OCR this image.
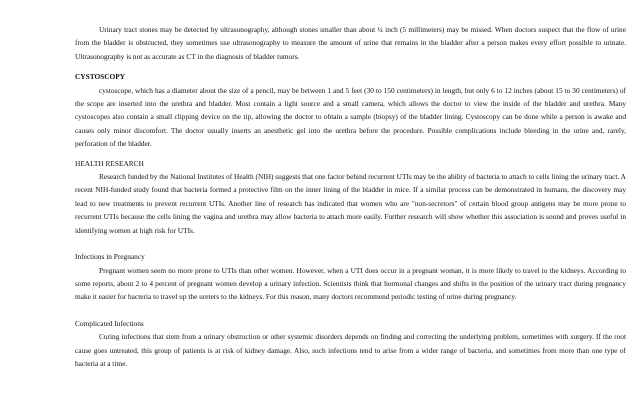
Urinary tract stones may be detected by ultrasonography, although stones smaller than about ¼ inch (5 millimeters) may be missed. When doctors suspect that the flow of urine from the bladder is obstructed, they sometimes use ultrasonography to measure the amount of urine that remains in the bladder after a person makes every effort possible to urinate. Ultrasonography is not as accurate as CT in the diagnosis of bladder tumors.

CYSTOSCOPY

cystoscope, which has a diameter about the size of a pencil, may be between 1 and 5 feet (30 to 150 centimeters) in length, but only 6 to 12 inches (about 15 to 30 centimeters) of the scope are inserted into the urethra and bladder. Most contain a light source and a small camera, which allows the doctor to view the inside of the bladder and urethra. Many cystoscopes also contain a small clipping device on the tip, allowing the doctor to obtain a sample (biopsy) of the bladder lining. Cystoscopy can be done while a person is awake and causes only minor discomfort. The doctor usually inserts an anesthetic gel into the urethra before the procedure. Possible complications include bleeding in the urine and, rarely, perforation of the bladder.

HEALTH RESEARCH

Research funded by the National Institutes of Health (NIH) suggests that one factor behind recurrent UTIs may be the ability of bacteria to attach to cells lining the urinary tract. A recent NIH-funded study found that bacteria formed a protective film on the inner lining of the bladder in mice. If a similar process can be demonstrated in humans, the discovery may lead to new treatments to prevent recurrent UTIs. Another line of research has indicated that women who are "non-secretors" of certain blood group antigens may be more prone to recurrent UTIs because the cells lining the vagina and urethra may allow bacteria to attach more easily. Further research will show whether this association is sound and proves useful in identifying women at high risk for UTIs.

Infections in Pregnancy

Pregnant women seem no more prone to UTIs than other women. However, when a UTI does occur in a pregnant woman, it is more likely to travel to the kidneys. According to some reports, about 2 to 4 percent of pregnant women develop a urinary infection. Scientists think that hormonal changes and shifts in the position of the urinary tract during pregnancy make it easier for bacteria to travel up the ureters to the kidneys. For this reason, many doctors recommend periodic testing of urine during pregnancy.

Complicated Infections

Curing infections that stem from a urinary obstruction or other systemic disorders depends on finding and correcting the underlying problem, sometimes with surgery. If the root cause goes untreated, this group of patients is at risk of kidney damage. Also, such infections tend to arise from a wider range of bacteria, and sometimes from more than one type of bacteria at a time.
